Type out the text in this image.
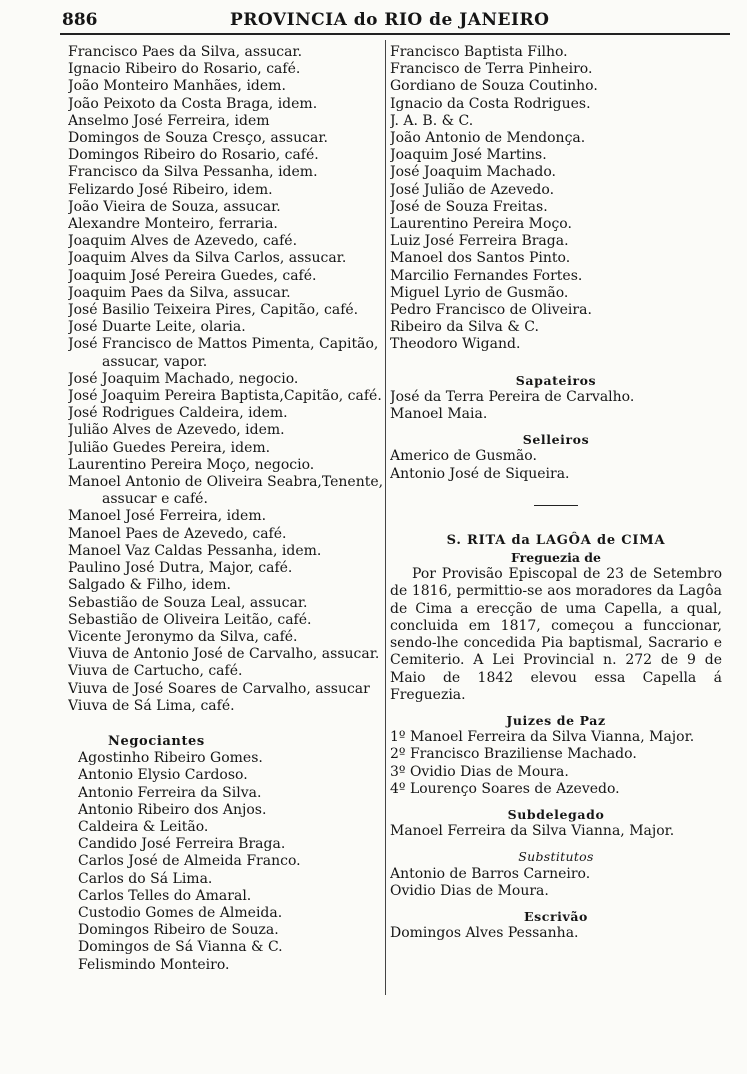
886	PROVINCIA do RIO de JANEIRO
Francisco Paes da Silva, assucar.
Ignacio Ribeiro do Rosario, café.
João Monteiro Manhães, idem.
João Peixoto da Costa Braga, idem.
Anselmo José Ferreira, idem
Domingos de Souza Cresço, assucar.
Domingos Ribeiro do Rosario, café.
Francisco da Silva Pessanha, idem.
Felizardo José Ribeiro, idem.
João Vieira de Souza, assucar.
Alexandre Monteiro, ferraria.
Joaquim Alves de Azevedo, café.
Joaquim Alves da Silva Carlos, assucar.
Joaquim José Pereira Guedes, café.
Joaquim Paes da Silva, assucar.
José Basilio Teixeira Pires, Capitão, café.
José Duarte Leite, olaria.
José Francisco de Mattos Pimenta, Capitão,
assucar, vapor.
José Joaquim Machado, negocio.
José Joaquim Pereira Baptista,Capitão, café.
José Rodrigues Caldeira, idem.
Julião Alves de Azevedo, idem.
Julião Guedes Pereira, idem.
Laurentino Pereira Moço, negocio.
Manoel Antonio de Oliveira Seabra,Tenente,
assucar e café.
Manoel José Ferreira, idem.
Manoel Paes de Azevedo, café.
Manoel Vaz Caldas Pessanha, idem.
Paulino José Dutra, Major, café.
Salgado & Filho, idem.
Sebastião de Souza Leal, assucar.
Sebastião de Oliveira Leitão, café.
Vicente Jeronymo da Silva, café.
Viuva de Antonio José de Carvalho, assucar.
Viuva de Cartucho, café.
Viuva de José Soares de Carvalho, assucar
Viuva de Sá Lima, café.
Negociantes
Agostinho Ribeiro Gomes.
Antonio Elysio Cardoso.
Antonio Ferreira da Silva.
Antonio Ribeiro dos Anjos.
Caldeira & Leitão.
Candido José Ferreira Braga.
Carlos José de Almeida Franco.
Carlos do Sá Lima.
Carlos Telles do Amaral.
Custodio Gomes de Almeida.
Domingos Ribeiro de Souza.
Domingos de Sá Vianna & C.
Felismindo Monteiro.
Francisco Baptista Filho.
Francisco de Terra Pinheiro.
Gordiano de Souza Coutinho.
Ignacio da Costa Rodrigues.
J. A. B. & C.
João Antonio de Mendonça.
Joaquim José Martins.
José Joaquim Machado.
José Julião de Azevedo.
José de Souza Freitas.
Laurentino Pereira Moço.
Luiz José Ferreira Braga.
Manoel dos Santos Pinto.
Marcilio Fernandes Fortes.
Miguel Lyrio de Gusmão.
Pedro Francisco de Oliveira.
Ribeiro da Silva & C.
Theodoro Wigand.
Sapateiros
José da Terra Pereira de Carvalho.
Manoel Maia.
Selleiros
Americo de Gusmão.
Antonio José de Siqueira.
S. RITA da LAGÔA de CIMA
Freguezia de

Por Provisão Episcopal de 23 de Setembro de 1816, permittio-se aos moradores da Lagôa de Cima a erecção de uma Capella, a qual, concluida em 1817, começou a funccionar, sendo-lhe concedida Pia baptismal, Sacrario e Cemiterio. A Lei Provincial n. 272 de 9 de Maio de 1842 elevou essa Capella á Freguezia.

Juizes de Paz
1º Manoel Ferreira da Silva Vianna, Major.
2º Francisco Braziliense Machado.
3º Ovidio Dias de Moura.
4º Lourenço Soares de Azevedo.
Subdelegado
Manoel Ferreira da Silva Vianna, Major.
Substitutos
Antonio de Barros Carneiro.
Ovidio Dias de Moura.
Escrivão
Domingos Alves Pessanha.
